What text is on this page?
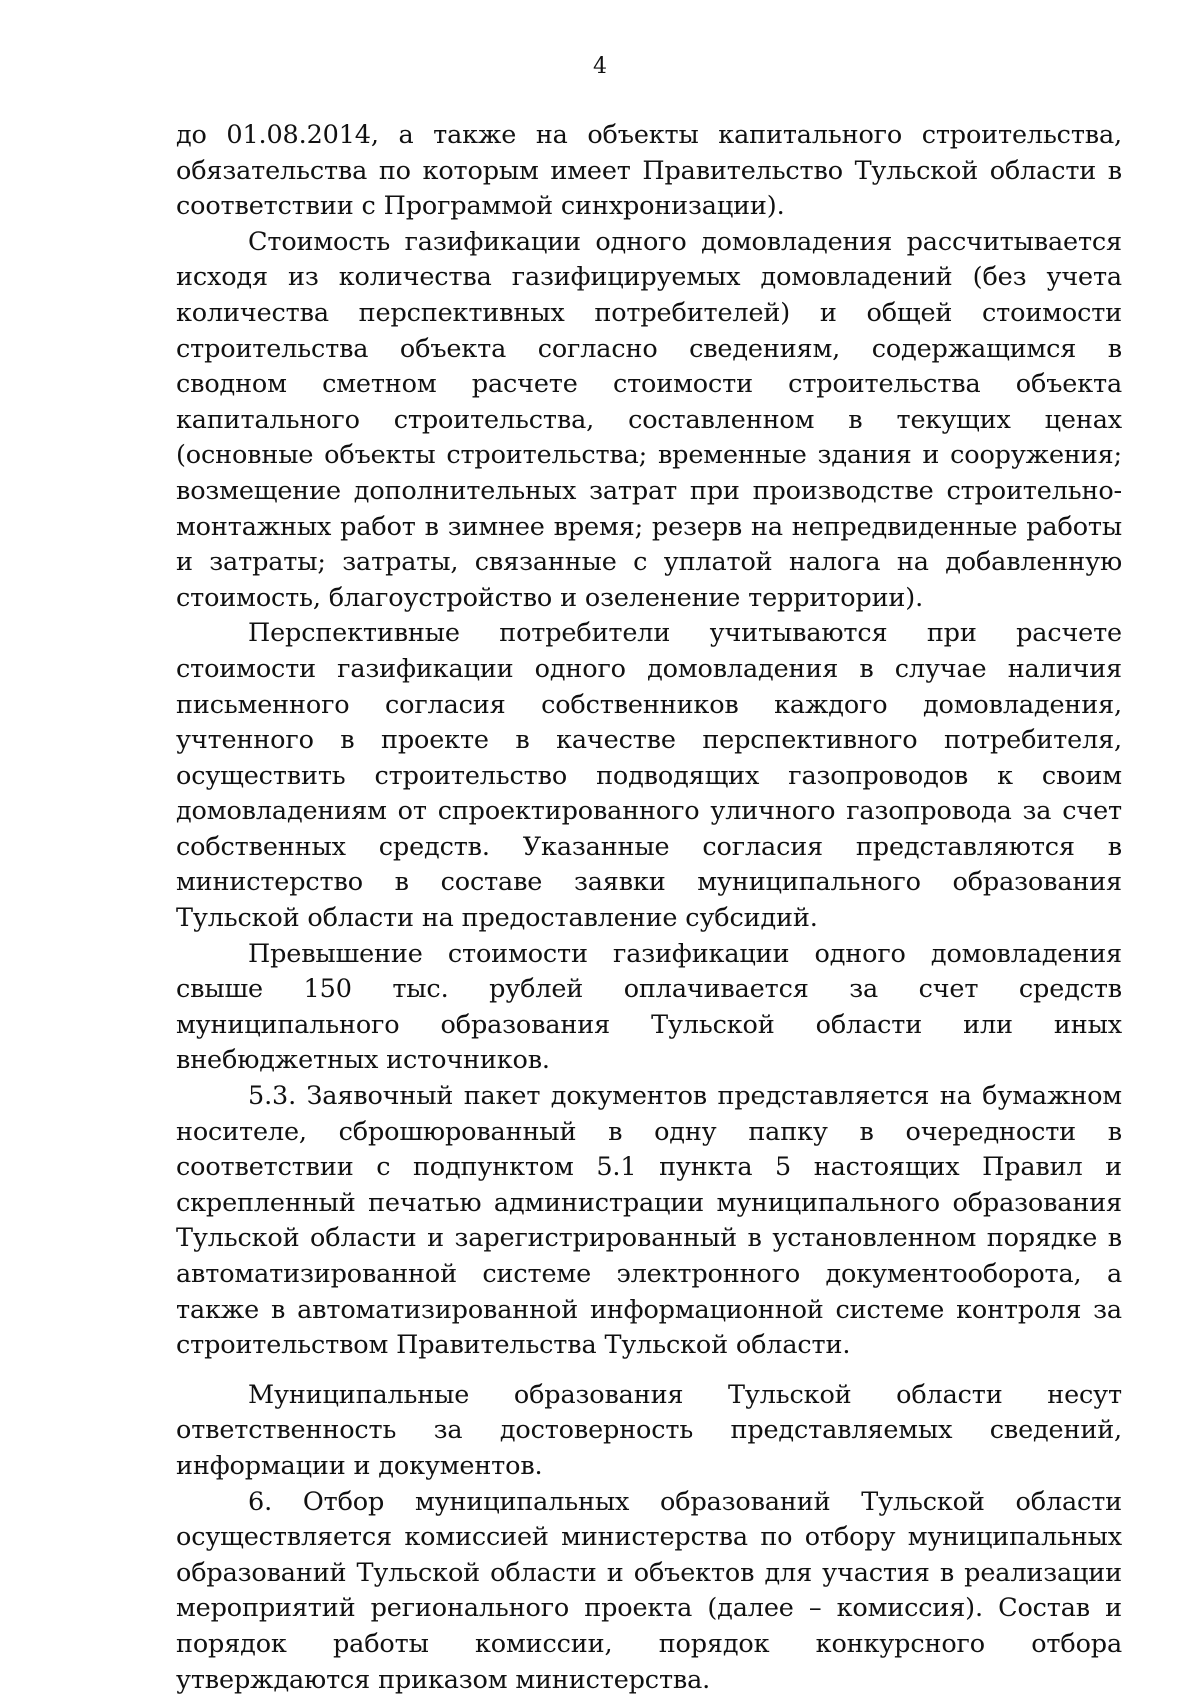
4

до 01.08.2014, а также на объекты капитального строительства, обязательства по которым имеет Правительство Тульской области в соответствии с Программой синхронизации).

Стоимость газификации одного домовладения рассчитывается исходя из количества газифицируемых домовладений (без учета количества перспективных потребителей) и общей стоимости строительства объекта согласно сведениям, содержащимся в сводном сметном расчете стоимости строительства объекта капитального строительства, составленном в текущих ценах (основные объекты строительства; временные здания и сооружения; возмещение дополнительных затрат при производстве строительно-монтажных работ в зимнее время; резерв на непредвиденные работы и затраты; затраты, связанные с уплатой налога на добавленную стоимость, благоустройство и озеленение территории).

Перспективные потребители учитываются при расчете стоимости газификации одного домовладения в случае наличия письменного согласия собственников каждого домовладения, учтенного в проекте в качестве перспективного потребителя, осуществить строительство подводящих газопроводов к своим домовладениям от спроектированного уличного газопровода за счет собственных средств. Указанные согласия представляются в министерство в составе заявки муниципального образования Тульской области на предоставление субсидий.

Превышение стоимости газификации одного домовладения свыше 150 тыс. рублей оплачивается за счет средств муниципального образования Тульской области или иных внебюджетных источников.

5.3. Заявочный пакет документов представляется на бумажном носителе, сброшюрованный в одну папку в очередности в соответствии с подпунктом 5.1 пункта 5 настоящих Правил и скрепленный печатью администрации муниципального образования Тульской области и зарегистрированный в установленном порядке в автоматизированной системе электронного документооборота, а также в автоматизированной информационной системе контроля за строительством Правительства Тульской области.

Муниципальные образования Тульской области несут ответственность за достоверность представляемых сведений, информации и документов.

6. Отбор муниципальных образований Тульской области осуществляется комиссией министерства по отбору муниципальных образований Тульской области и объектов для участия в реализации мероприятий регионального проекта (далее – комиссия). Состав и порядок работы комиссии, порядок конкурсного отбора утверждаются приказом министерства.
